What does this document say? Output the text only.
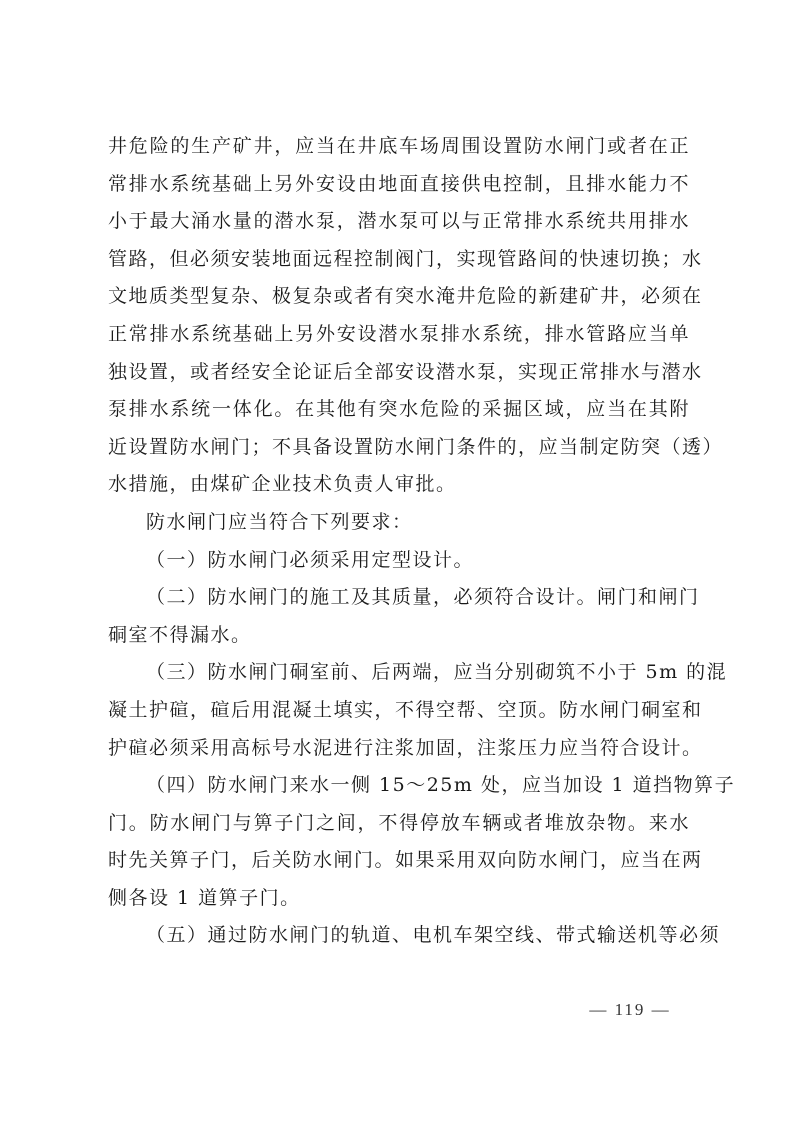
井危险的生产矿井，应当在井底车场周围设置防水闸门或者在正
常排水系统基础上另外安设由地面直接供电控制，且排水能力不
小于最大涌水量的潜水泵，潜水泵可以与正常排水系统共用排水
管路，但必须安装地面远程控制阀门，实现管路间的快速切换；水
文地质类型复杂、极复杂或者有突水淹井危险的新建矿井，必须在
正常排水系统基础上另外安设潜水泵排水系统，排水管路应当单
独设置，或者经安全论证后全部安设潜水泵，实现正常排水与潜水
泵排水系统一体化。在其他有突水危险的采掘区域，应当在其附
近设置防水闸门；不具备设置防水闸门条件的，应当制定防突（透）
水措施，由煤矿企业技术负责人审批。
防水闸门应当符合下列要求：
（一）防水闸门必须采用定型设计。
（二）防水闸门的施工及其质量，必须符合设计。闸门和闸门
硐室不得漏水。
（三）防水闸门硐室前、后两端，应当分别砌筑不小于 5m 的混
凝土护碹，碹后用混凝土填实，不得空帮、空顶。防水闸门硐室和
护碹必须采用高标号水泥进行注浆加固，注浆压力应当符合设计。
（四）防水闸门来水一侧 15～25m 处，应当加设 1 道挡物箅子
门。防水闸门与箅子门之间，不得停放车辆或者堆放杂物。来水
时先关箅子门，后关防水闸门。如果采用双向防水闸门，应当在两
侧各设 1 道箅子门。
（五）通过防水闸门的轨道、电机车架空线、带式输送机等必须
— 119 —
